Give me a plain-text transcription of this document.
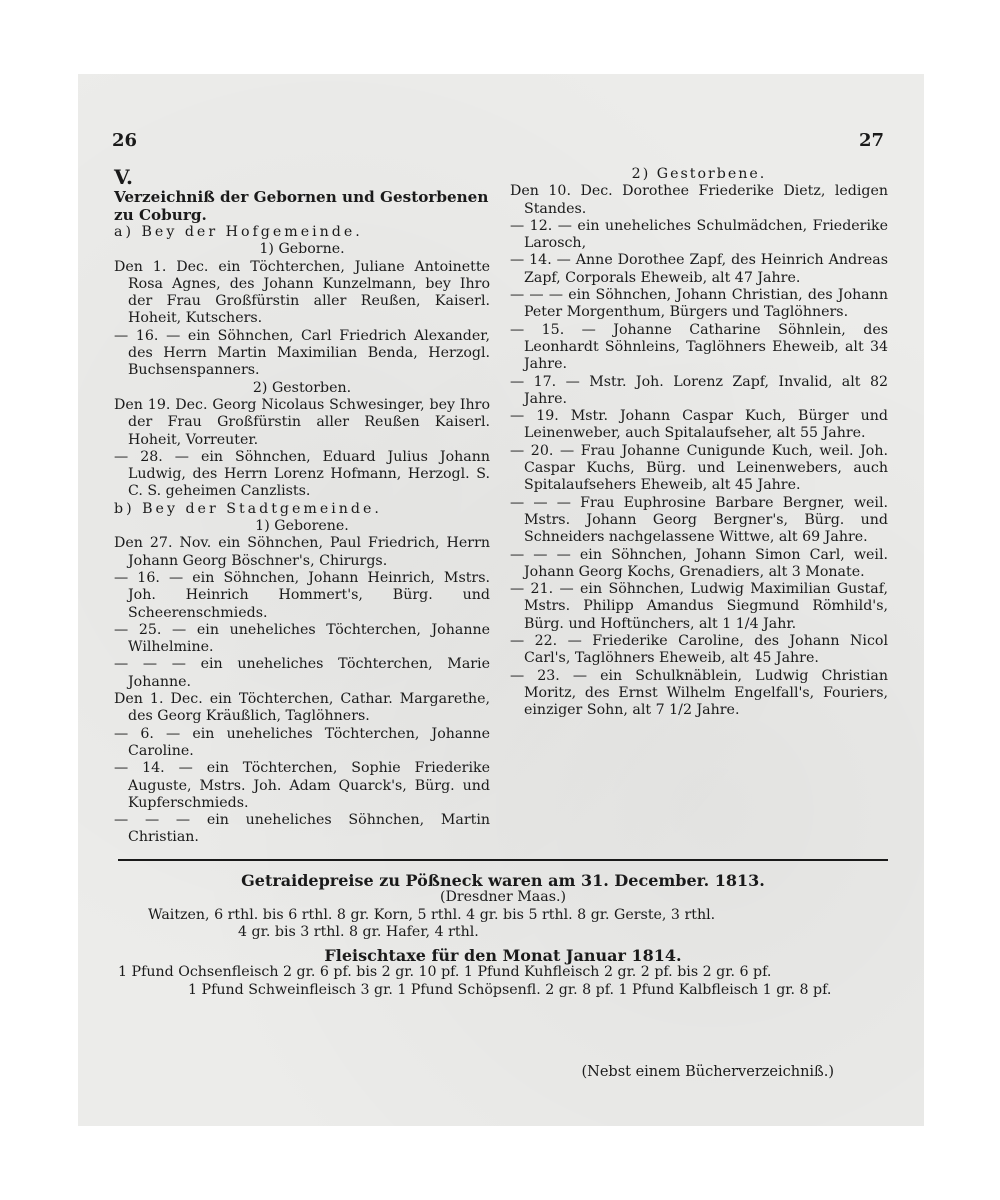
26	27

V.

Verzeichniß der Gebornen und Gestorbenen

zu Coburg.

a) Bey der Hofgemeinde.

1) Geborne.

Den 1. Dec. ein Töchterchen, Juliane Antoinette Rosa Agnes, des Johann Kunzelmann, bey Ihro der Frau Großfürstin aller Reußen, Kaiserl. Hoheit, Kutschers.

— 16. — ein Söhnchen, Carl Friedrich Alexander, des Herrn Martin Maximilian Benda, Herzogl. Buchsenspanners.

2) Gestorben.

Den 19. Dec. Georg Nicolaus Schwesinger, bey Ihro der Frau Großfürstin aller Reußen Kaiserl. Hoheit, Vorreuter.

— 28. — ein Söhnchen, Eduard Julius Johann Ludwig, des Herrn Lorenz Hofmann, Herzogl. S. C. S. geheimen Canzlists.

b) Bey der Stadtgemeinde.

1) Geborene.

Den 27. Nov. ein Söhnchen, Paul Friedrich, Herrn Johann Georg Böschner's, Chirurgs.

— 16. — ein Söhnchen, Johann Heinrich, Mstrs. Joh. Heinrich Hommert's, Bürg. und Scheerenschmieds.

— 25. — ein uneheliches Töchterchen, Johanne Wilhelmine.

— — — ein uneheliches Töchterchen, Marie Johanne.

Den 1. Dec. ein Töchterchen, Cathar. Margarethe, des Georg Kräußlich, Taglöhners.

— 6. — ein uneheliches Töchterchen, Johanne Caroline.

— 14. — ein Töchterchen, Sophie Friederike Auguste, Mstrs. Joh. Adam Quarck's, Bürg. und Kupferschmieds.

— — — ein uneheliches Söhnchen, Martin Christian.

2) Gestorbene.

Den 10. Dec. Dorothee Friederike Dietz, ledigen Standes.

— 12. — ein uneheliches Schulmädchen, Friederike Larosch,

— 14. — Anne Dorothee Zapf, des Heinrich Andreas Zapf, Corporals Eheweib, alt 47 Jahre.

— — — ein Söhnchen, Johann Christian, des Johann Peter Morgenthum, Bürgers und Taglöhners.

— 15. — Johanne Catharine Söhnlein, des Leonhardt Söhnleins, Taglöhners Eheweib, alt 34 Jahre.

— 17. — Mstr. Joh. Lorenz Zapf, Invalid, alt 82 Jahre.

— 19. Mstr. Johann Caspar Kuch, Bürger und Leinenweber, auch Spitalaufseher, alt 55 Jahre.

— 20. — Frau Johanne Cunigunde Kuch, weil. Joh. Caspar Kuchs, Bürg. und Leinenwebers, auch Spitalaufsehers Eheweib, alt 45 Jahre.

— — — Frau Euphrosine Barbare Bergner, weil. Mstrs. Johann Georg Bergner's, Bürg. und Schneiders nachgelassene Wittwe, alt 69 Jahre.

— — — ein Söhnchen, Johann Simon Carl, weil. Johann Georg Kochs, Grenadiers, alt 3 Monate.

— 21. — ein Söhnchen, Ludwig Maximilian Gustaf, Mstrs. Philipp Amandus Siegmund Römhild's, Bürg. und Hoftünchers, alt 1 1/4 Jahr.

— 22. — Friederike Caroline, des Johann Nicol Carl's, Taglöhners Eheweib, alt 45 Jahre.

— 23. — ein Schulknäblein, Ludwig Christian Moritz, des Ernst Wilhelm Engelfall's, Fouriers, einziger Sohn, alt 7 1/2 Jahre.

Getraidepreise zu Pößneck waren am 31. December. 1813.

(Dresdner Maas.)

Waitzen, 6 rthl. bis 6 rthl. 8 gr. Korn, 5 rthl. 4 gr. bis 5 rthl. 8 gr. Gerste, 3 rthl.

4 gr. bis 3 rthl. 8 gr. Hafer, 4 rthl.

Fleischtaxe für den Monat Januar 1814.

1 Pfund Ochsenfleisch 2 gr. 6 pf. bis 2 gr. 10 pf. 1 Pfund Kuhfleisch 2 gr. 2 pf. bis 2 gr. 6 pf.

1 Pfund Schweinfleisch 3 gr. 1 Pfund Schöpsenfl. 2 gr. 8 pf. 1 Pfund Kalbfleisch 1 gr. 8 pf.

(Nebst einem Bücherverzeichniß.)
